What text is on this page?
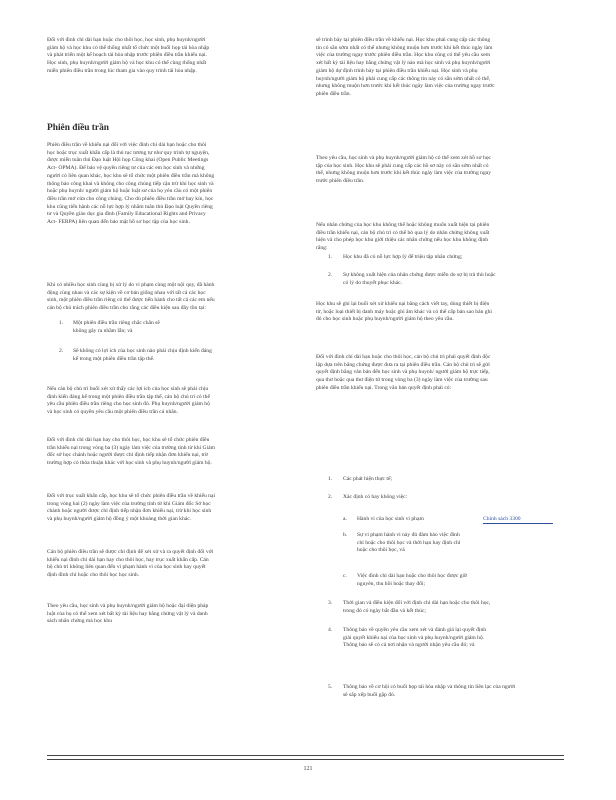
Đối với đình chỉ dài hạn hoặc cho thôi học, học sinh, phụ huynh/người giám hộ và học khu có thể thống nhất tổ chức một buổi họp tái hòa nhập và phát triển một kế hoạch tái hòa nhập trước phiên điều trần khiếu nại. Học sinh, phụ huynh/người giám hộ và học khu có thể cùng thống nhất miễn phiên điều trần trong lúc tham gia vào quy trình tái hòa nhập.

Phiên điều trần

Phiên điều trần về khiếu nại đối với việc đình chỉ dài hạn hoặc cho thôi học hoặc trục xuất khẩn cấp là thủ tục tương tự như quy trình tự nguyện, được miễn tuân thủ Đạo luật Hội họp Công khai (Open Public Meetings Act- OPMA). Để bảo vệ quyền riêng tư của các em học sinh và những người có liên quan khác, học khu sẽ tổ chức một phiên điều trần mà không thông báo công khai và không cho công chúng tiếp cận trừ khi học sinh và hoặc phụ huynh/ người giám hộ hoặc luật sư của họ yêu cầu có một phiên điều trần mở cửa cho công chúng. Cho dù phiên điều trần mở hay kín, học khu cũng tiến hành các nỗ lực hợp lý nhằm tuân thủ Đạo luật Quyền riêng tư và Quyền giáo dục gia đình (Family Educational Rights and Privacy Act- FERPA) liên quan đến bảo mật hồ sơ học tập của học sinh.

Khi có nhiều học sinh cùng bị xử lý do vi phạm cùng một nội quy, đã hành động cùng nhau và các sự kiện về cơ bản giống nhau với tất cả các học sinh, một phiên điều trần riêng có thể được tiến hành cho tất cả các em nếu cán bộ chủ trách phiên điều trần cho rằng các điều kiện sau đây tồn tại:

1. Một phiên điều trần riêng chắc chắn sẽ không gây ra nhầm lẫn; và
2. Sẽ không có lợi ích của học sinh nào phải chịu định kiến đáng kể trong một phiên điều trần tập thể.

Nếu cán bộ chủ trì buổi xét xử thấy các lợi ích của học sinh sẽ phải chịu định kiến đáng kể trong một phiên điều trần tập thể, cán bộ chủ trì có thể yêu cầu phiên điều trần riêng cho học sinh đó. Phụ huynh/người giám hộ và học sinh có quyền yêu cầu một phiên điều trần cá nhân.

Đối với đình chỉ dài hạn hay cho thôi học, học khu sẽ tổ chức phiên điều trần khiếu nại trong vòng ba (3) ngày làm việc của trường tính từ khi Giám đốc sở học chánh hoặc người được chỉ định tiếp nhận đơn khiếu nại, trừ trường hợp có thỏa thuận khác với học sinh và phụ huynh/người giám hộ.

Đối với trục xuất khẩn cấp, học khu sẽ tổ chức phiên điều trần về khiếu nại trong vòng hai (2) ngày làm việc của trường tính từ khi Giám đốc Sở học chánh hoặc người được chỉ định tiếp nhận đơn khiếu nại, trừ khi học sinh và phụ huynh/người giám hộ đồng ý một khoảng thời gian khác.

Cán bộ phiên điều trần sẽ được chỉ định để xét xử và ra quyết định đối với khiếu nại đình chỉ dài hạn hay cho thôi học, hay trục xuất khẩn cấp. Cán bộ chủ trì không liên quan đến vi phạm hành vi của học sinh hay quyết định đình chỉ hoặc cho thôi học học sinh.

Theo yêu cầu, học sinh và phụ huynh/người giám hộ hoặc đại diện pháp luật của họ có thể xem xét bất kỳ tài liệu hay bằng chứng vật lý và danh sách nhân chứng mà học khu

sẽ trình bày tại phiên điều trần về khiếu nại. Học khu phải cung cấp các thông tin có sẵn sớm nhất có thể nhưng không muộn hơn trước khi kết thúc ngày làm việc của trường ngay trước phiên điều trần. Học khu cũng có thể yêu cầu xem xét bất kỳ tài liệu hay bằng chứng vật lý nào mà học sinh và phụ huynh/người giám hộ dự định trình bày tại phiên điều trần khiếu nại. Học sinh và phụ huynh/người giám hộ phải cung cấp các thông tin này có sẵn sớm nhất có thể, nhưng không muộn hơn trước khi kết thúc ngày làm việc của trường ngay trước phiên điều trần.

Theo yêu cầu, học sinh và phụ huynh/người giám hộ có thể xem xét hồ sơ học tập của học sinh. Học khu sẽ phải cung cấp các hồ sơ này có sẵn sớm nhất có thể, nhưng không muộn hơn trước khi kết thúc ngày làm việc của trường ngay trước phiên điều trần.

Nếu nhân chứng của học khu không thể hoặc không muốn xuất hiện tại phiên điều trần khiếu nại, cán bộ chủ trì có thể bỏ qua lý do nhân chứng không xuất hiện và cho phép học khu giới thiệu các nhân chứng nếu học khu không định rằng:

1. Học khu đã có nỗ lực hợp lý để triệu tập nhân chứng;
2. Sự không xuất hiện của nhân chứng được miễn do sợ bị trả thù hoặc có lý do thuyết phục khác.

Học khu sẽ ghi lại buổi xét xử khiếu nại bằng cách viết tay, dùng thiết bị điện tử, hoặc loại thiết bị danh máy hoặc ghi âm khác và có thể cấp bản sao bản ghi đó cho học sinh hoặc phụ huynh/người giám hộ theo yêu cầu.

Đối với đình chỉ dài hạn hoặc cho thôi học, cán bộ chủ trì phải quyết định độc lập dựa trên bằng chứng được đưa ra tại phiên điều trần. Cán bộ chủ trì sẽ gửi quyết định bằng văn bản đến học sinh và phụ huynh/ người giám hộ trực tiếp, qua thư hoặc qua thư điện tử trong vòng ba (3) ngày làm việc của trường sau phiên điều trần khiếu nại. Trong văn bản quyết định phải có:

1. Các phát hiện thực tế;
2. Xác định có hay không việc:
a. Hành vi của học sinh vi phạm	Chính sách 3300
b. Sự vi phạm hành vi này đủ đảm bảo việc đình chỉ hoặc cho thôi học và thời hạn hay định chỉ hoặc cho thôi học, và
c. Việc đình chỉ dài hạn hoặc cho thôi học được giữ nguyên, thu hồi hoặc thay đổi;
3. Thời gian và điều kiện đối với định chỉ dài hạn hoặc cho thôi học, trong đó có ngày bắt đầu và kết thúc;
4. Thông báo về quyền yêu cầu xem xét và đánh giá lại quyết định giải quyết khiếu nại của học sinh và phụ huynh/người giám hộ. Thông báo sẽ có cả nơi nhận và người nhận yêu cầu đó; và
5. Thông báo về cơ hội có buổi họp tái hòa nhập và thông tin liên lạc của người sẽ sắp xếp buổi gặp đó.
121
